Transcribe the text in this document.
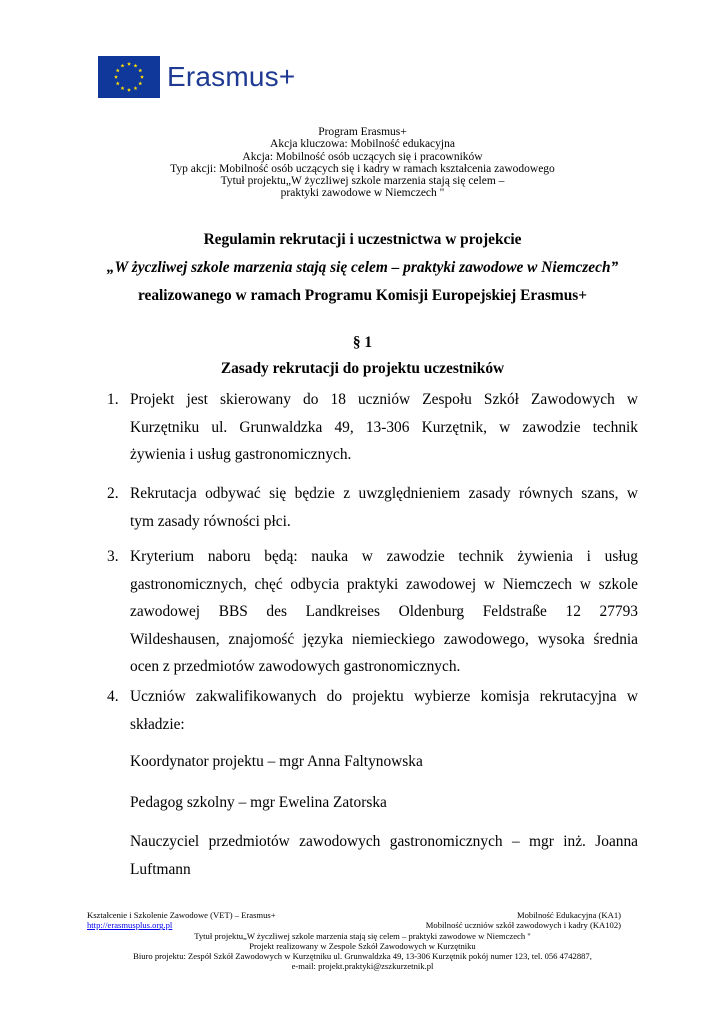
Erasmus+
Program Erasmus+
Akcja kluczowa: Mobilność edukacyjna
Akcja: Mobilność osób uczących się i pracowników
Typ akcji: Mobilność osób uczących się i kadry w ramach kształcenia zawodowego
Tytuł projektu„W życzliwej szkole marzenia stają się celem –
praktyki zawodowe w Niemczech "
Regulamin rekrutacji i uczestnictwa w projekcie
„W życzliwej szkole marzenia stają się celem – praktyki zawodowe w Niemczech”
realizowanego w ramach Programu Komisji Europejskiej Erasmus+
§ 1
Zasady rekrutacji do projektu uczestników
1. Projekt jest skierowany do 18 uczniów Zespołu Szkół Zawodowych w
Kurzętniku ul. Grunwaldzka 49, 13-306 Kurzętnik, w zawodzie technik
żywienia i usług gastronomicznych.
2. Rekrutacja odbywać się będzie z uwzględnieniem zasady równych szans, w
tym zasady równości płci.
3. Kryterium naboru będą: nauka w zawodzie technik żywienia i usług
gastronomicznych, chęć odbycia praktyki zawodowej w Niemczech w szkole
zawodowej BBS des Landkreises Oldenburg Feldstraße 12 27793
Wildeshausen, znajomość języka niemieckiego zawodowego, wysoka średnia
ocen z przedmiotów zawodowych gastronomicznych.
4. Uczniów zakwalifikowanych do projektu wybierze komisja rekrutacyjna w
składzie:
Koordynator projektu – mgr Anna Faltynowska
Pedagog szkolny – mgr Ewelina Zatorska
Nauczyciel przedmiotów zawodowych gastronomicznych – mgr inż. Joanna
Luftmann
Kształcenie i Szkolenie Zawodowe (VET) – Erasmus+	Mobilność Edukacyjna (KA1)
http://erasmusplus.org.pl	Mobilność uczniów szkół zawodowych i kadry (KA102)
Tytuł projektu„W życzliwej szkole marzenia stają się celem – praktyki zawodowe w Niemczech "
Projekt realizowany w Zespole Szkół Zawodowych w Kurzętniku
Biuro projektu: Zespół Szkół Zawodowych w Kurzętniku ul. Grunwaldzka 49, 13-306 Kurzętnik pokój numer 123, tel. 056 4742887,
e-mail: projekt.praktyki@zszkurzetnik.pl
